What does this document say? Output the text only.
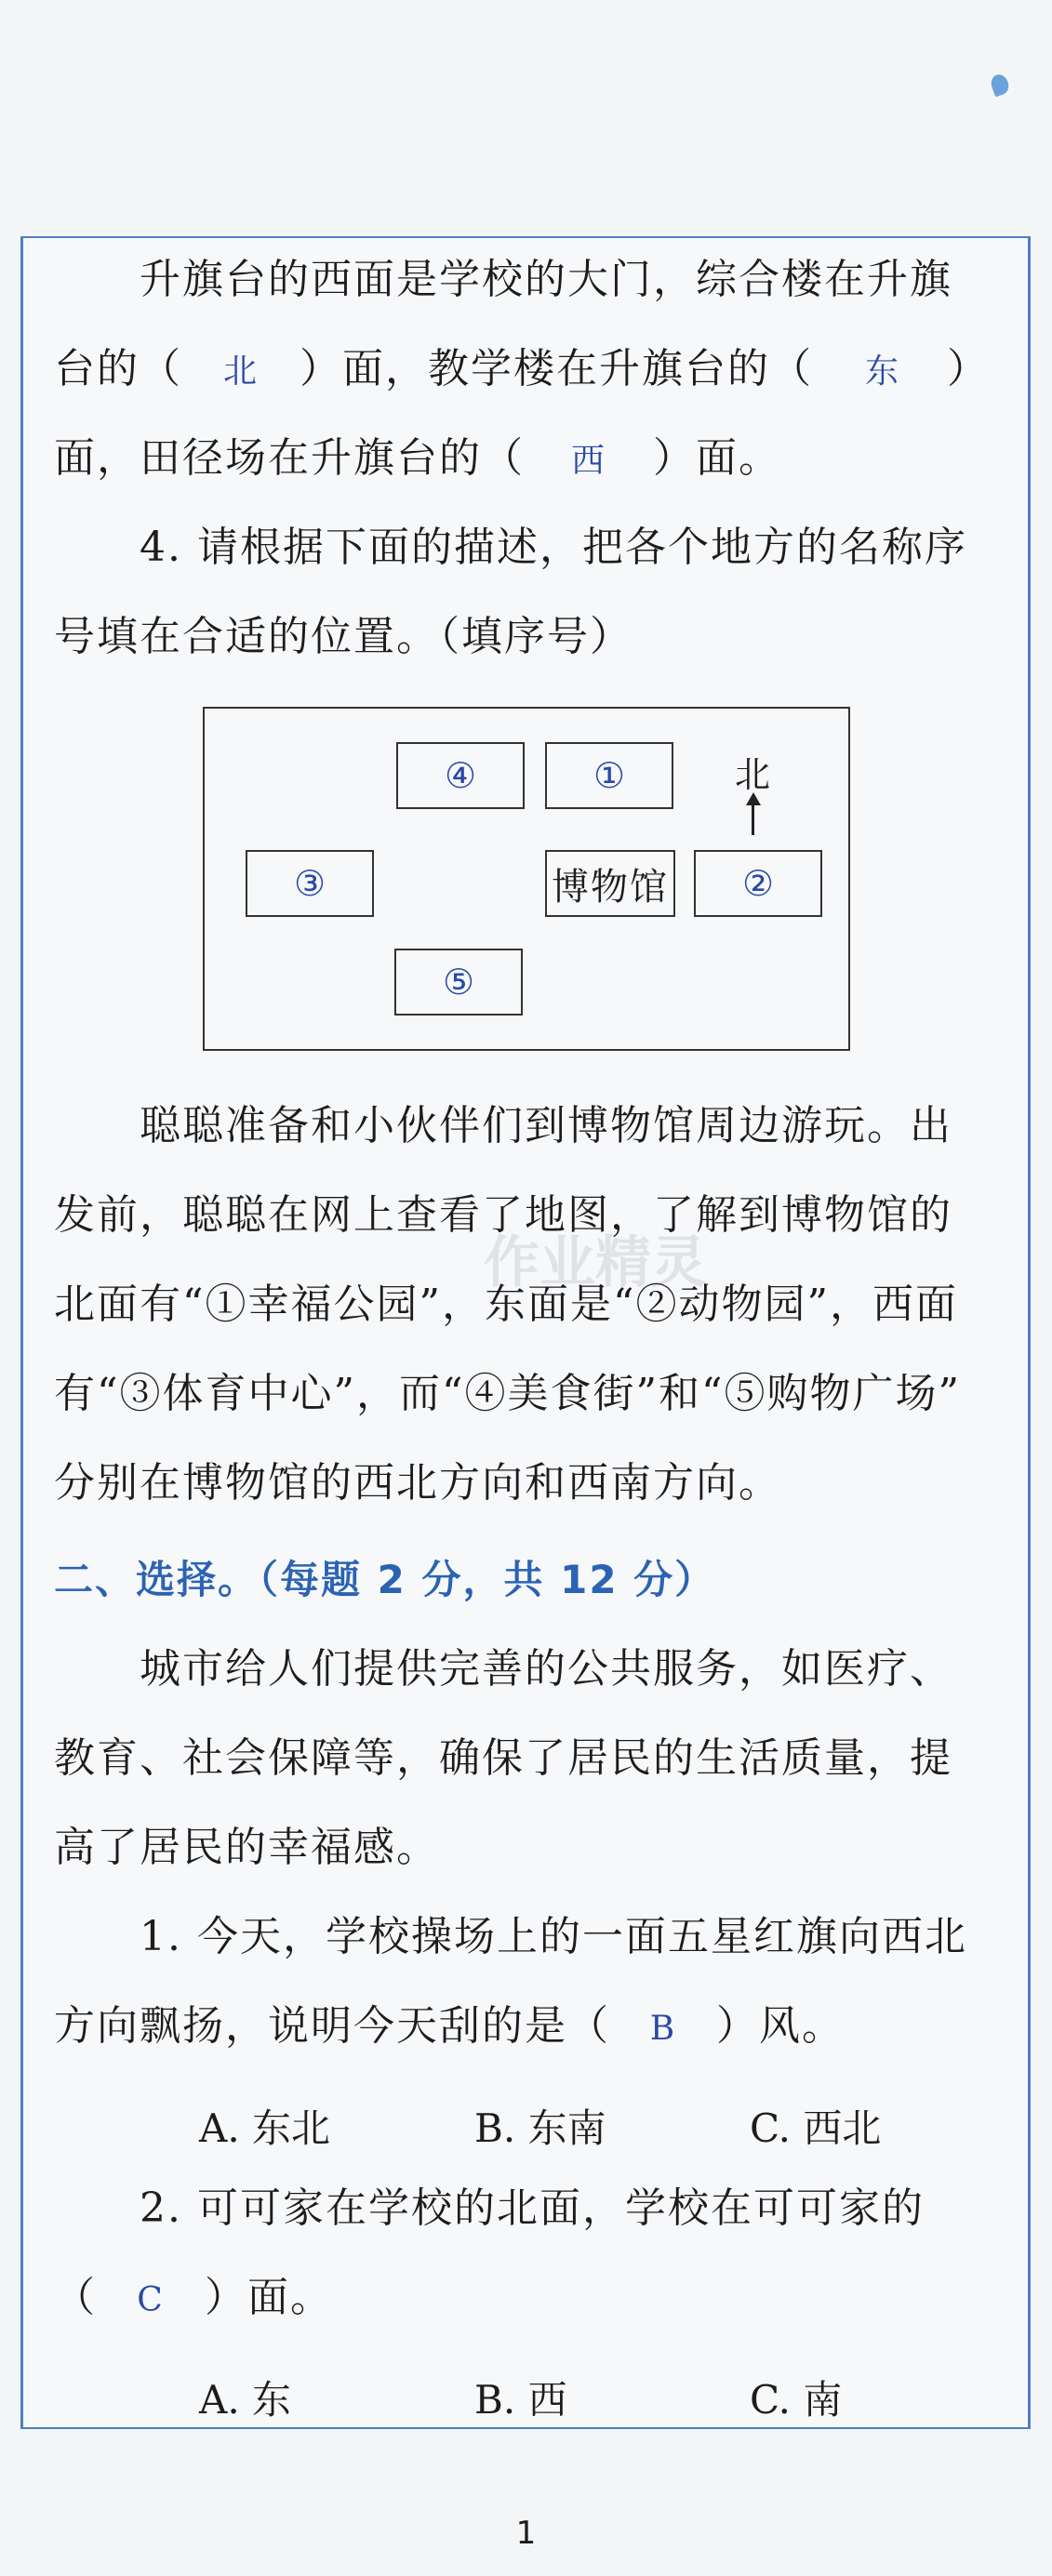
升旗台的西面是学校的大门，综合楼在升旗
台的（ 北 ）面，教学楼在升旗台的（ 东 ）
面，田径场在升旗台的（ 西 ）面。
4. 请根据下面的描述，把各个地方的名称序
号填在合适的位置。（填序号）
④	①	北
③	博物馆	②
⑤
聪聪准备和小伙伴们到博物馆周边游玩。出
发前，聪聪在网上查看了地图，了解到博物馆的
作业精灵
北面有“①幸福公园”，东面是“②动物园”，西面
有“③体育中心”，而“④美食街”和“⑤购物广场”
分别在博物馆的西北方向和西南方向。
二、选择。（每题 2 分，共 12 分）
城市给人们提供完善的公共服务，如医疗、
教育、社会保障等，确保了居民的生活质量，提
高了居民的幸福感。
1. 今天，学校操场上的一面五星红旗向西北
方向飘扬，说明今天刮的是（ B ）风。
A. 东北	B. 东南	C. 西北
2. 可可家在学校的北面，学校在可可家的
（ C ）面。
A. 东	B. 西	C. 南
1
